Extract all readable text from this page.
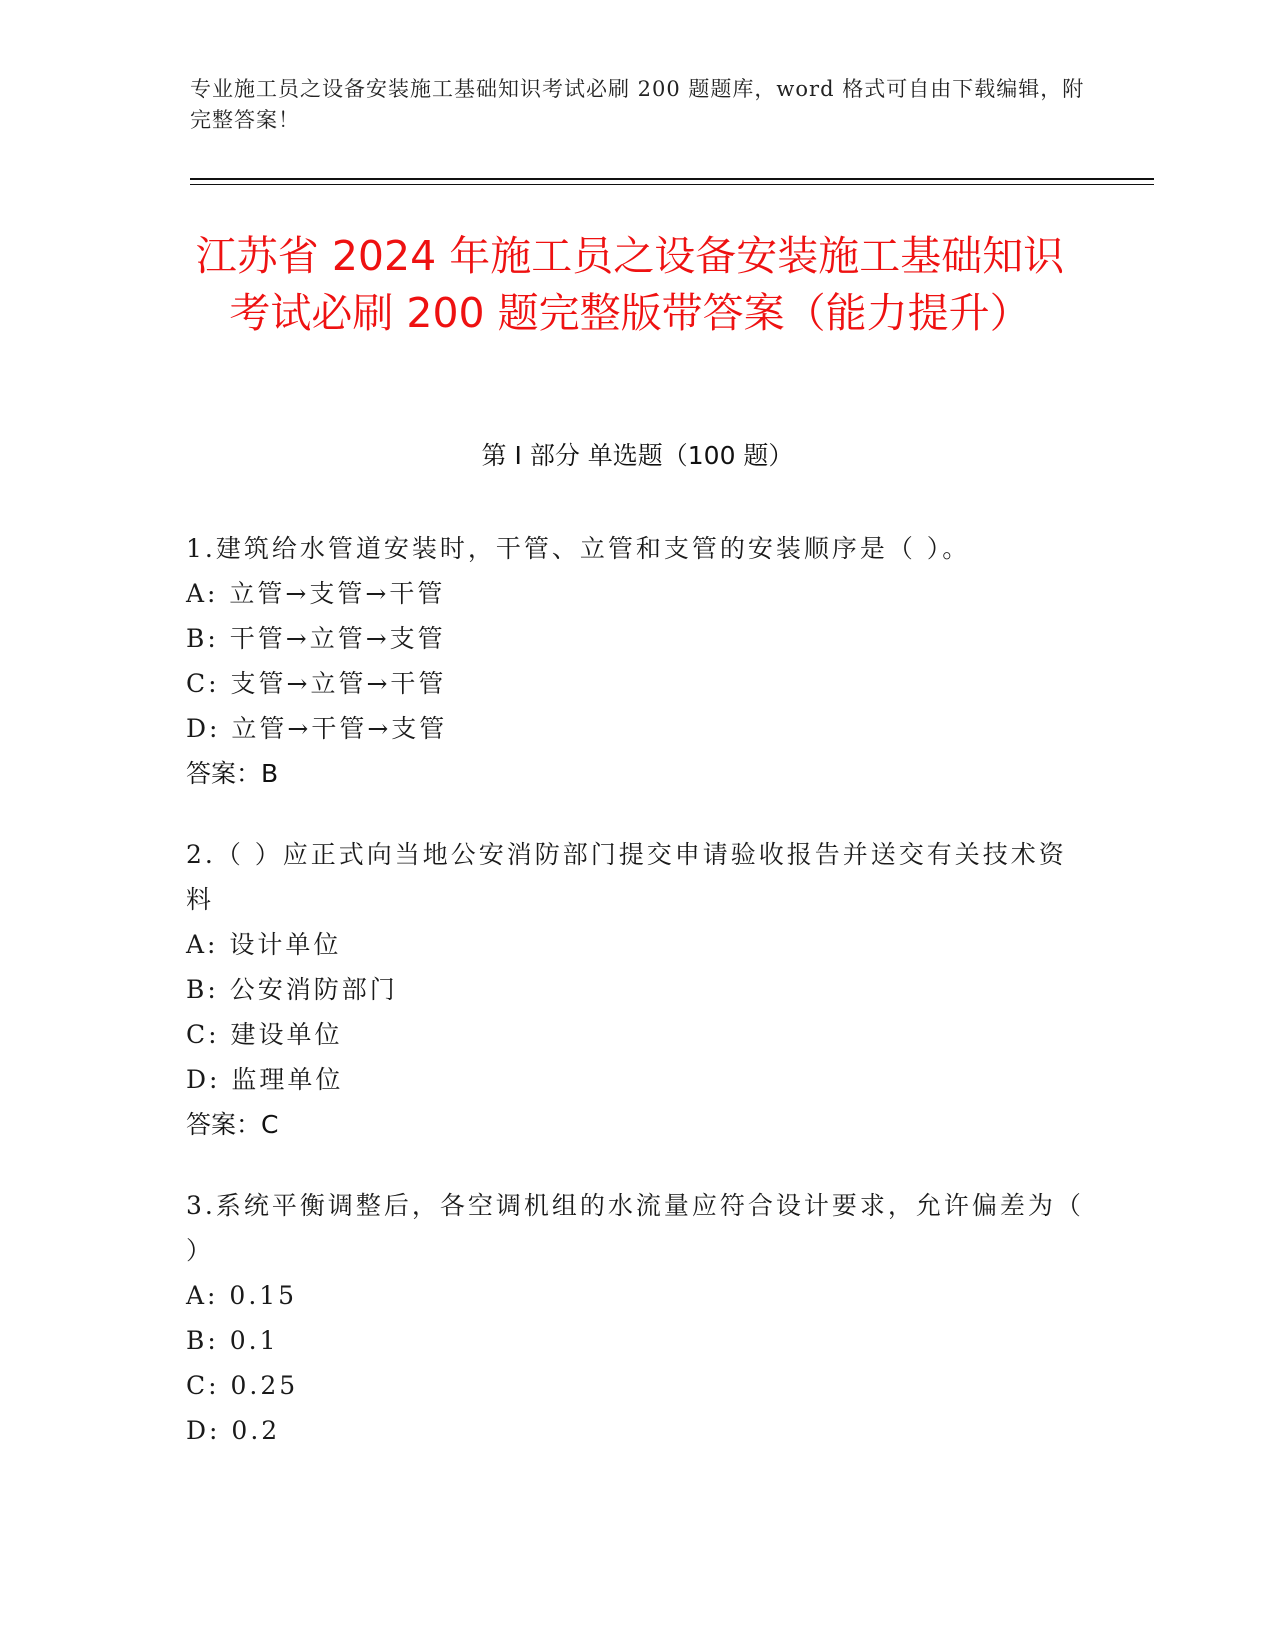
专业施工员之设备安装施工基础知识考试必刷 200 题题库，word 格式可自由下载编辑，附完整答案！
江苏省 2024 年施工员之设备安装施工基础知识考试必刷 200 题完整版带答案（能力提升）
第 I 部分 单选题（100 题）
1.建筑给水管道安装时，干管、立管和支管的安装顺序是（ ）。
A: 立管→支管→干管
B: 干管→立管→支管
C: 支管→立管→干管
D: 立管→干管→支管
答案：B
2.（ ）应正式向当地公安消防部门提交申请验收报告并送交有关技术资料
A: 设计单位
B: 公安消防部门
C: 建设单位
D: 监理单位
答案：C
3.系统平衡调整后，各空调机组的水流量应符合设计要求，允许偏差为（ ）
A: 0.15
B: 0.1
C: 0.25
D: 0.2
